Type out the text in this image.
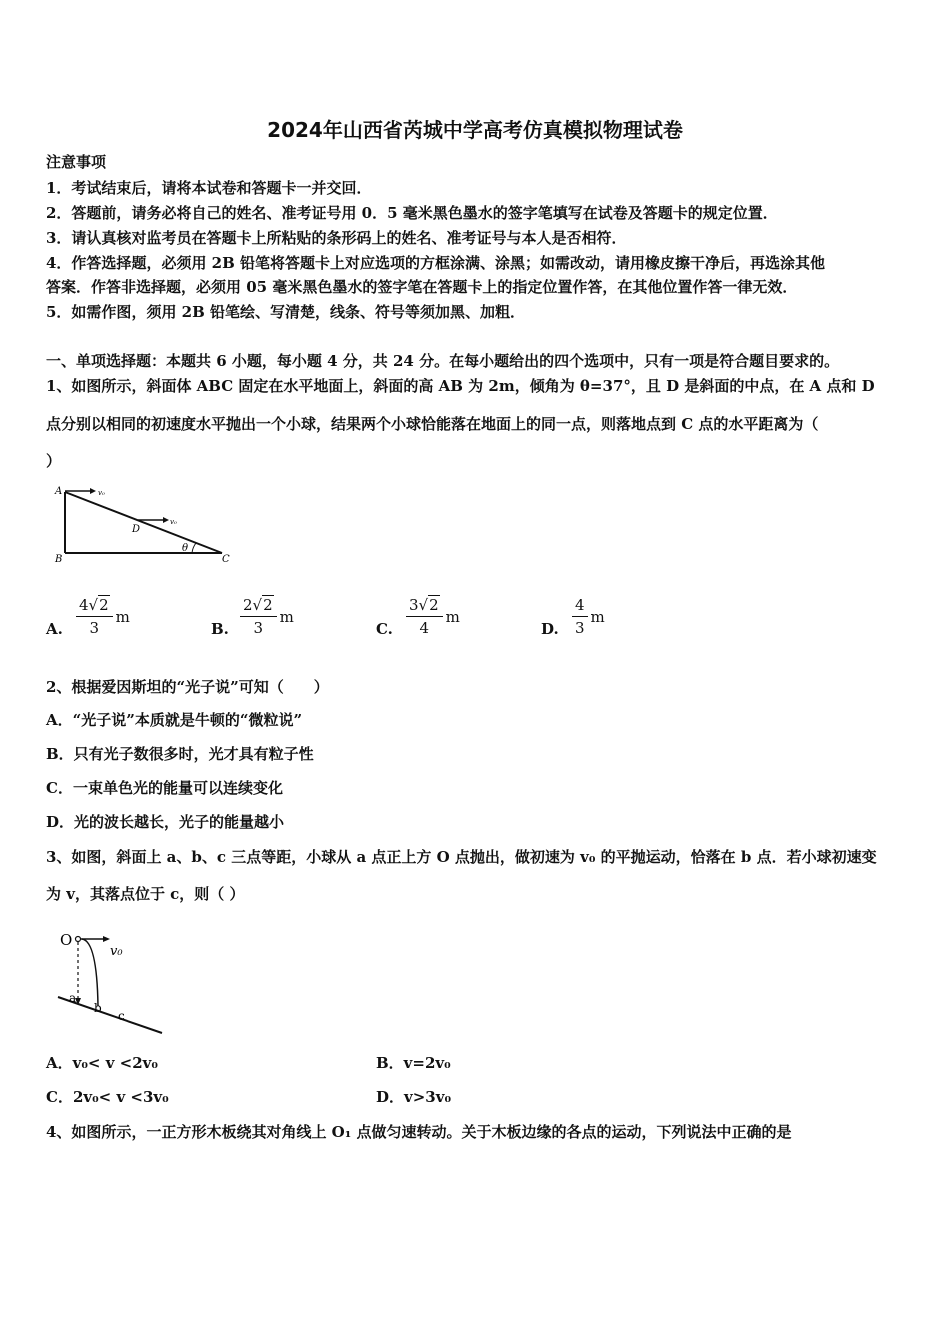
2024年山西省芮城中学高考仿真模拟物理试卷
注意事项
1．考试结束后，请将本试卷和答题卡一并交回．
2．答题前，请务必将自己的姓名、准考证号用 0．5 毫米黑色墨水的签字笔填写在试卷及答题卡的规定位置．
3．请认真核对监考员在答题卡上所粘贴的条形码上的姓名、准考证号与本人是否相符．
4．作答选择题，必须用 2B 铅笔将答题卡上对应选项的方框涂满、涂黑；如需改动，请用橡皮擦干净后，再选涂其他
答案．作答非选择题，必须用 05 毫米黑色墨水的签字笔在答题卡上的指定位置作答，在其他位置作答一律无效．
5．如需作图，须用 2B 铅笔绘、写清楚，线条、符号等须加黑、加粗．
一、单项选择题：本题共 6 小题，每小题 4 分，共 24 分。在每小题给出的四个选项中，只有一项是符合题目要求的。
1、如图所示，斜面体 ABC 固定在水平地面上，斜面的高 AB 为 2m，倾角为 θ=37°，且 D 是斜面的中点，在 A 点和 D
点分别以相同的初速度水平抛出一个小球，结果两个小球恰能落在地面上的同一点，则落地点到 C 点的水平距离为（
）
A
B	C
D
θ
v₀
v₀
A. $\frac{4√2}{3}$ m
B. $\frac{2√2}{3}$ m
C. $\frac{3√2}{4}$ m
D. $\frac{4}{3}$ m
2、根据爱因斯坦的“光子说”可知（　　）
A．“光子说”本质就是牛顿的“微粒说”
B．只有光子数很多时，光才具有粒子性
C．一束单色光的能量可以连续变化
D．光的波长越长，光子的能量越小
3、如图，斜面上 a、b、c 三点等距，小球从 a 点正上方 O 点抛出，做初速为 v₀ 的平抛运动，恰落在 b 点．若小球初速变
为 v，其落点位于 c，则（ ）
O
v₀
a
b
c
A．v₀< v <2v₀	B．v=2v₀
C．2v₀< v <3v₀	D．v>3v₀
4、如图所示，一正方形木板绕其对角线上 O₁ 点做匀速转动。关于木板边缘的各点的运动，下列说法中正确的是
